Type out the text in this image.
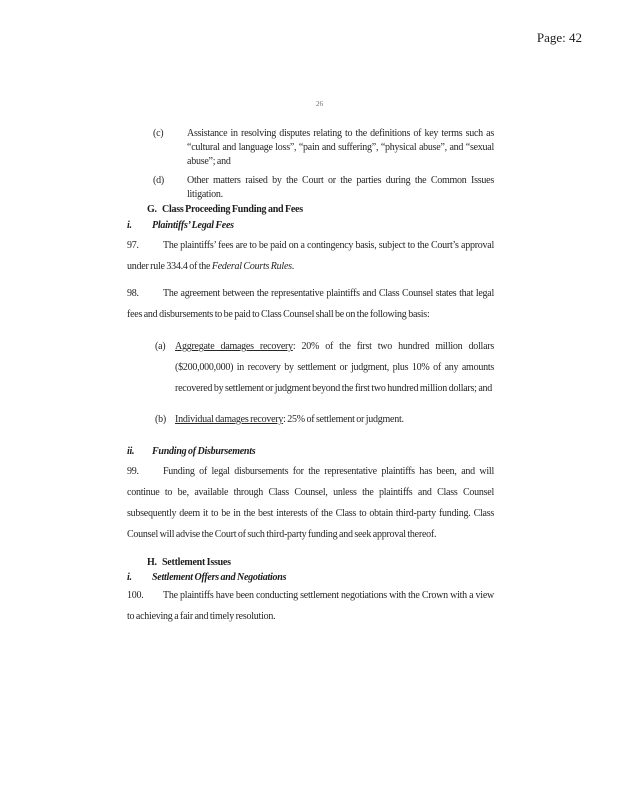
Page: 42
26
(c) Assistance in resolving disputes relating to the definitions of key terms such as “cultural and language loss”, “pain and suffering”, “physical abuse”, and “sexual abuse”; and
(d) Other matters raised by the Court or the parties during the Common Issues litigation.
G. Class Proceeding Funding and Fees
i. Plaintiffs’ Legal Fees
97. The plaintiffs’ fees are to be paid on a contingency basis, subject to the Court’s approval under rule 334.4 of the Federal Courts Rules.
98. The agreement between the representative plaintiffs and Class Counsel states that legal fees and disbursements to be paid to Class Counsel shall be on the following basis:
(a) Aggregate damages recovery: 20% of the first two hundred million dollars ($200,000,000) in recovery by settlement or judgment, plus 10% of any amounts recovered by settlement or judgment beyond the first two hundred million dollars; and
(b) Individual damages recovery: 25% of settlement or judgment.
ii. Funding of Disbursements
99. Funding of legal disbursements for the representative plaintiffs has been, and will continue to be, available through Class Counsel, unless the plaintiffs and Class Counsel subsequently deem it to be in the best interests of the Class to obtain third-party funding. Class Counsel will advise the Court of such third-party funding and seek approval thereof.
H. Settlement Issues
i. Settlement Offers and Negotiations
100. The plaintiffs have been conducting settlement negotiations with the Crown with a view to achieving a fair and timely resolution.
